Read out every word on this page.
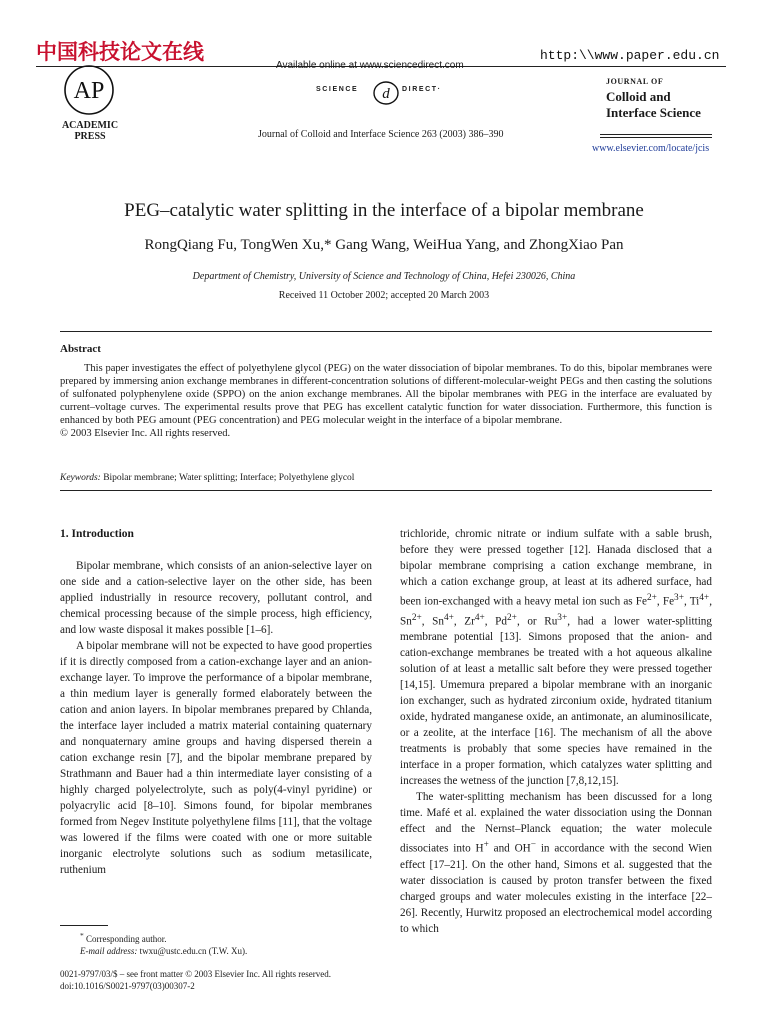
中国科技论文在线	http:\\www.paper.edu.cn
AP
ACADEMIC
PRESS
Available online at www.sciencedirect.com
SCIENCE d DIRECT·
Journal of Colloid and Interface Science 263 (2003) 386–390
JOURNAL OF
Colloid and
Interface Science
www.elsevier.com/locate/jcis
PEG–catalytic water splitting in the interface of a bipolar membrane
RongQiang Fu, TongWen Xu,* Gang Wang, WeiHua Yang, and ZhongXiao Pan
Department of Chemistry, University of Science and Technology of China, Hefei 230026, China
Received 11 October 2002; accepted 20 March 2003
Abstract

This paper investigates the effect of polyethylene glycol (PEG) on the water dissociation of bipolar membranes. To do this, bipolar membranes were prepared by immersing anion exchange membranes in different-concentration solutions of different-molecular-weight PEGs and then casting the solutions of sulfonated polyphenylene oxide (SPPO) on the anion exchange membranes. All the bipolar membranes with PEG in the interface are evaluated by current–voltage curves. The experimental results prove that PEG has excellent catalytic function for water dissociation. Furthermore, this function is enhanced by both PEG amount (PEG concentration) and PEG molecular weight in the interface of a bipolar membrane.

© 2003 Elsevier Inc. All rights reserved.
Keywords: Bipolar membrane; Water splitting; Interface; Polyethylene glycol
1. Introduction

Bipolar membrane, which consists of an anion-selective layer on one side and a cation-selective layer on the other side, has been applied industrially in resource recovery, pollutant control, and chemical processing because of the simple process, high efficiency, and low waste disposal it makes possible [1–6].

A bipolar membrane will not be expected to have good properties if it is directly composed from a cation-exchange layer and an anion-exchange layer. To improve the performance of a bipolar membrane, a thin medium layer is generally formed elaborately between the cation and anion layers. In bipolar membranes prepared by Chlanda, the interface layer included a matrix material containing quaternary and nonquaternary amine groups and having dispersed therein a cation exchange resin [7], and the bipolar membrane prepared by Strathmann and Bauer had a thin intermediate layer consisting of a highly charged polyelectrolyte, such as poly(4-vinyl pyridine) or polyacrylic acid [8–10]. Simons found, for bipolar membranes formed from Negev Institute polyethylene films [11], that the voltage was lowered if the films were coated with one or more suitable inorganic electrolyte solutions such as sodium metasilicate, ruthenium

trichloride, chromic nitrate or indium sulfate with a sable brush, before they were pressed together [12]. Hanada disclosed that a bipolar membrane comprising a cation exchange membrane, in which a cation exchange group, at least at its adhered surface, had been ion-exchanged with a heavy metal ion such as $Fe^{2+}$, $Fe^{3+}$, $Ti^{4+}$, $Sn^{2+}$, $Sn^{4+}$, $Zr^{4+}$, $Pd^{2+}$, or $Ru^{3+}$, had a lower water-splitting membrane potential [13]. Simons proposed that the anion- and cation-exchange membranes be treated with a hot aqueous alkaline solution of at least a metallic salt before they were pressed together [14,15]. Umemura prepared a bipolar membrane with an inorganic ion exchanger, such as hydrated zirconium oxide, hydrated titanium oxide, hydrated manganese oxide, an antimonate, an aluminosilicate, or a zeolite, at the interface [16]. The mechanism of all the above treatments is probably that some species have remained in the interface in a proper formation, which catalyzes water splitting and increases the wetness of the junction [7,8,12,15].

The water-splitting mechanism has been discussed for a long time. Mafé et al. explained the water dissociation using the Donnan effect and the Nernst–Planck equation; the water molecule dissociates into H+ and OH− in accordance with the second Wien effect [17–21]. On the other hand, Simons et al. suggested that the water dissociation is caused by proton transfer between the fixed charged groups and water molecules existing in the interface [22–26]. Recently, Hurwitz proposed an electrochemical model according to which

* Corresponding author.
E-mail address: twxu@ustc.edu.cn (T.W. Xu).
0021-9797/03/$ – see front matter © 2003 Elsevier Inc. All rights reserved.
doi:10.1016/S0021-9797(03)00307-2
